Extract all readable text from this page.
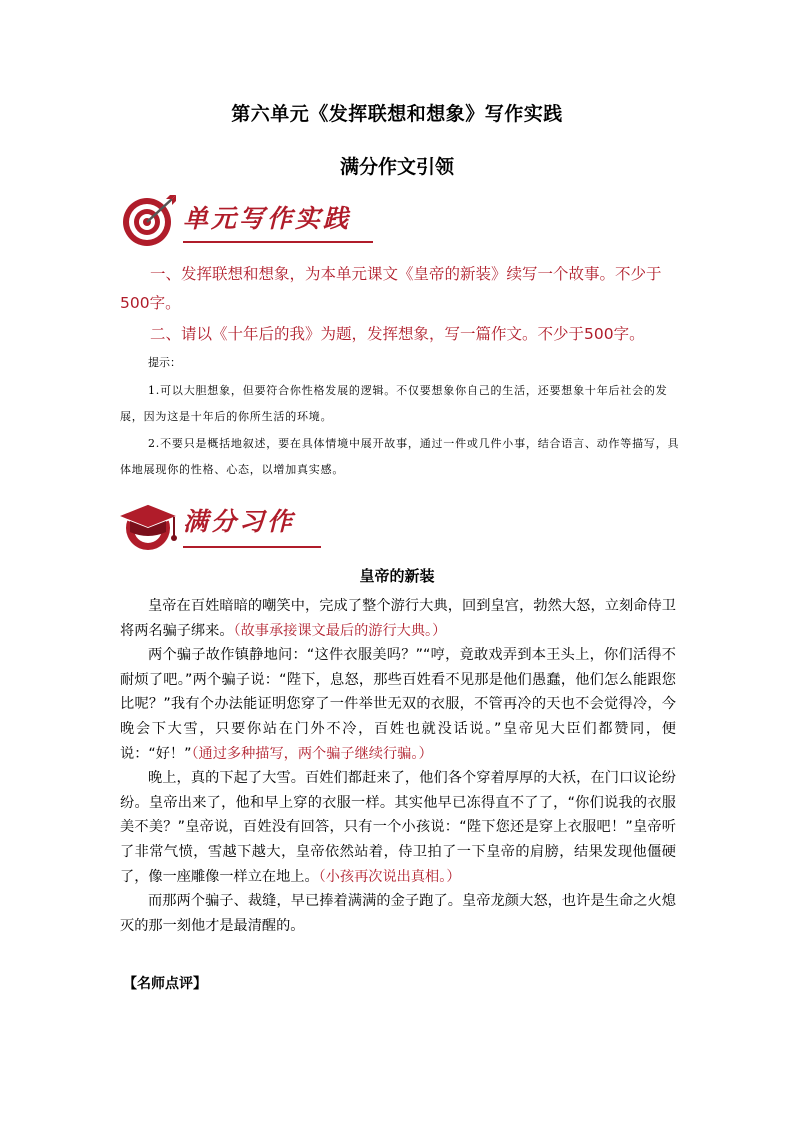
第六单元《发挥联想和想象》写作实践
满分作文引领
单元写作实践
一、发挥联想和想象，为本单元课文《皇帝的新装》续写一个故事。不少于500字。
二、请以《十年后的我》为题，发挥想象，写一篇作文。不少于500字。
提示：
1.可以大胆想象，但要符合你性格发展的逻辑。不仅要想象你自己的生活，还要想象十年后社会的发展，因为这是十年后的你所生活的环境。
2.不要只是概括地叙述，要在具体情境中展开故事，通过一件或几件小事，结合语言、动作等描写，具体地展现你的性格、心态，以增加真实感。
满分习作
皇帝的新装

皇帝在百姓暗暗的嘲笑中，完成了整个游行大典，回到皇宫，勃然大怒，立刻命侍卫将两名骗子绑来。（故事承接课文最后的游行大典。）

两个骗子故作镇静地问：“这件衣服美吗？”“哼，竟敢戏弄到本王头上，你们活得不耐烦了吧。”两个骗子说：“陛下，息怒，那些百姓看不见那是他们愚蠢，他们怎么能跟您比呢？”我有个办法能证明您穿了一件举世无双的衣服，不管再冷的天也不会觉得冷，今晚会下大雪，只要你站在门外不冷，百姓也就没话说。”皇帝见大臣们都赞同，便说：“好！”（通过多种描写，两个骗子继续行骗。）

晚上，真的下起了大雪。百姓们都赶来了，他们各个穿着厚厚的大袄，在门口议论纷纷。皇帝出来了，他和早上穿的衣服一样。其实他早已冻得直不了了，“你们说我的衣服美不美？”皇帝说，百姓没有回答，只有一个小孩说：“陛下您还是穿上衣服吧！”皇帝听了非常气愤，雪越下越大，皇帝依然站着，侍卫拍了一下皇帝的肩膀，结果发现他僵硬了，像一座雕像一样立在地上。（小孩再次说出真相。）

而那两个骗子、裁缝，早已捧着满满的金子跑了。皇帝龙颜大怒，也许是生命之火熄灭的那一刻他才是最清醒的。

【名师点评】
